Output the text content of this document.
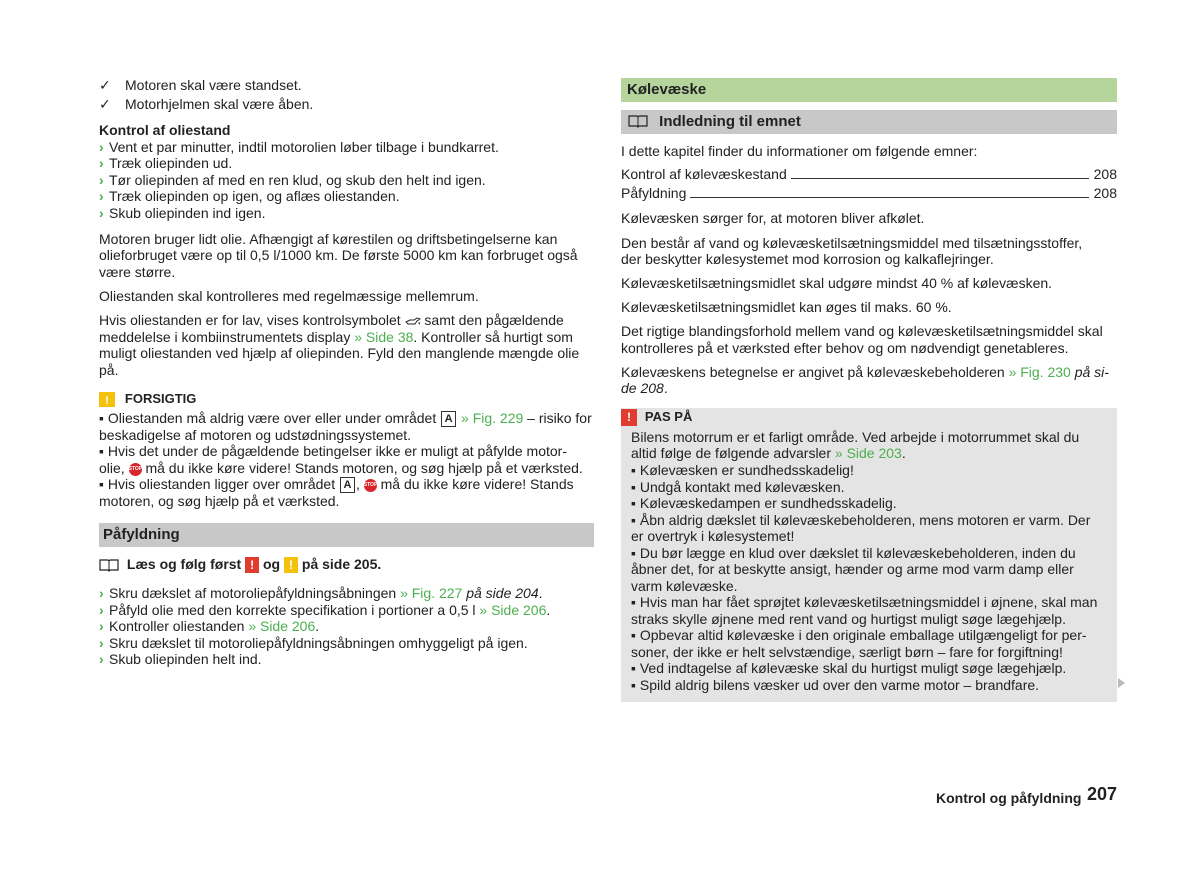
✓	Motoren skal være standset.
✓	Motorhjelmen skal være åben.
Kontrol af oliestand
› Vent et par minutter, indtil motorolien løber tilbage i bundkarret.
› Træk oliepinden ud.
› Tør oliepinden af med en ren klud, og skub den helt ind igen.
› Træk oliepinden op igen, og aflæs oliestanden.
› Skub oliepinden ind igen.
Motoren bruger lidt olie. Afhængigt af kørestilen og driftsbetingelserne kan
olieforbruget være op til 0,5 l/1000 km. De første 5000 km kan forbruget også
være større.
Oliestanden skal kontrolleres med regelmæssige mellemrum.
Hvis oliestanden er for lav, vises kontrolsymbolet  samt den pågældende
meddelelse i kombiinstrumentets display » Side 38. Kontroller så hurtigt som
muligt oliestanden ved hjælp af oliepinden. Fyld den manglende mængde olie
på.
! FORSIGTIG
▪ Oliestanden må aldrig være over eller under området A » Fig. 229 – risiko for
beskadigelse af motoren og udstødningssystemet.
▪ Hvis det under de pågældende betingelser ikke er muligt at påfylde motor-
olie, STOP må du ikke køre videre! Stands motoren, og søg hjælp på et værksted.
▪ Hvis oliestanden ligger over området A , STOP må du ikke køre videre! Stands
motoren, og søg hjælp på et værksted.
Påfyldning
Læs og følg først ! og ! på side 205.
› Skru dækslet af motoroliepåfyldningsåbningen » Fig. 227 på side 204.
› Påfyld olie med den korrekte specifikation i portioner a 0,5 l » Side 206.
› Kontroller oliestanden » Side 206.
› Skru dækslet til motoroliepåfyldningsåbningen omhyggeligt på igen.
› Skub oliepinden helt ind.
Kølevæske
Indledning til emnet
I dette kapitel finder du informationer om følgende emner:
Kontrol af kølevæskestand	208
Påfyldning	208
Kølevæsken sørger for, at motoren bliver afkølet.
Den består af vand og kølevæsketilsætningsmiddel med tilsætningsstoffer,
der beskytter kølesystemet mod korrosion og kalkaflejringer.
Kølevæsketilsætningsmidlet skal udgøre mindst 40 % af kølevæsken.
Kølevæsketilsætningsmidlet kan øges til maks. 60 %.
Det rigtige blandingsforhold mellem vand og kølevæsketilsætningsmiddel skal
kontrolleres på et værksted efter behov og om nødvendigt genetableres.
Kølevæskens betegnelse er angivet på kølevæskebeholderen » Fig. 230 på si-
de 208.
! PAS PÅ
Bilens motorrum er et farligt område. Ved arbejde i motorrummet skal du
altid følge de følgende advarsler » Side 203.
▪ Kølevæsken er sundhedsskadelig!
▪ Undgå kontakt med kølevæsken.
▪ Kølevæskedampen er sundhedsskadelig.
▪ Åbn aldrig dækslet til kølevæskebeholderen, mens motoren er varm. Der
er overtryk i kølesystemet!
▪ Du bør lægge en klud over dækslet til kølevæskebeholderen, inden du
åbner det, for at beskytte ansigt, hænder og arme mod varm damp eller
varm kølevæske.
▪ Hvis man har fået sprøjtet kølevæsketilsætningsmiddel i øjnene, skal man
straks skylle øjnene med rent vand og hurtigst muligt søge lægehjælp.
▪ Opbevar altid kølevæske i den originale emballage utilgængeligt for per-
soner, der ikke er helt selvstændige, særligt børn – fare for forgiftning!
▪ Ved indtagelse af kølevæske skal du hurtigst muligt søge lægehjælp.
▪ Spild aldrig bilens væsker ud over den varme motor – brandfare.
Kontrol og påfyldning 207
